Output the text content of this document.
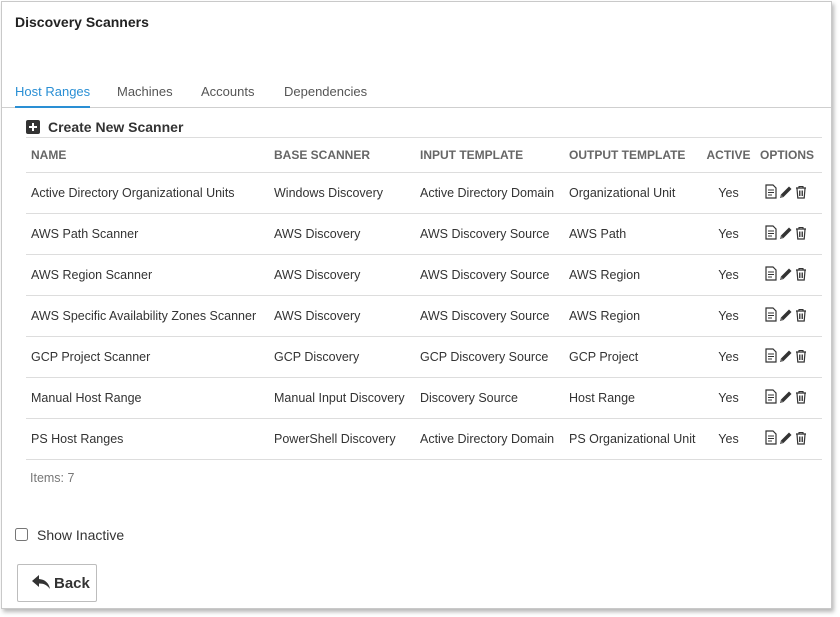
Discovery Scanners
Host Ranges Machines Accounts Dependencies
Create New Scanner
NAME	BASE SCANNER	INPUT TEMPLATE	OUTPUT TEMPLATE	ACTIVE	OPTIONS
Active Directory Organizational Units	Windows Discovery	Active Directory Domain	Organizational Unit	Yes	
AWS Path Scanner	AWS Discovery	AWS Discovery Source	AWS Path	Yes	
AWS Region Scanner	AWS Discovery	AWS Discovery Source	AWS Region	Yes	
AWS Specific Availability Zones Scanner	AWS Discovery	AWS Discovery Source	AWS Region	Yes	
GCP Project Scanner	GCP Discovery	GCP Discovery Source	GCP Project	Yes	
Manual Host Range	Manual Input Discovery	Discovery Source	Host Range	Yes	
PS Host Ranges	PowerShell Discovery	Active Directory Domain	PS Organizational Unit	Yes	
Items: 7
Show Inactive
Back
